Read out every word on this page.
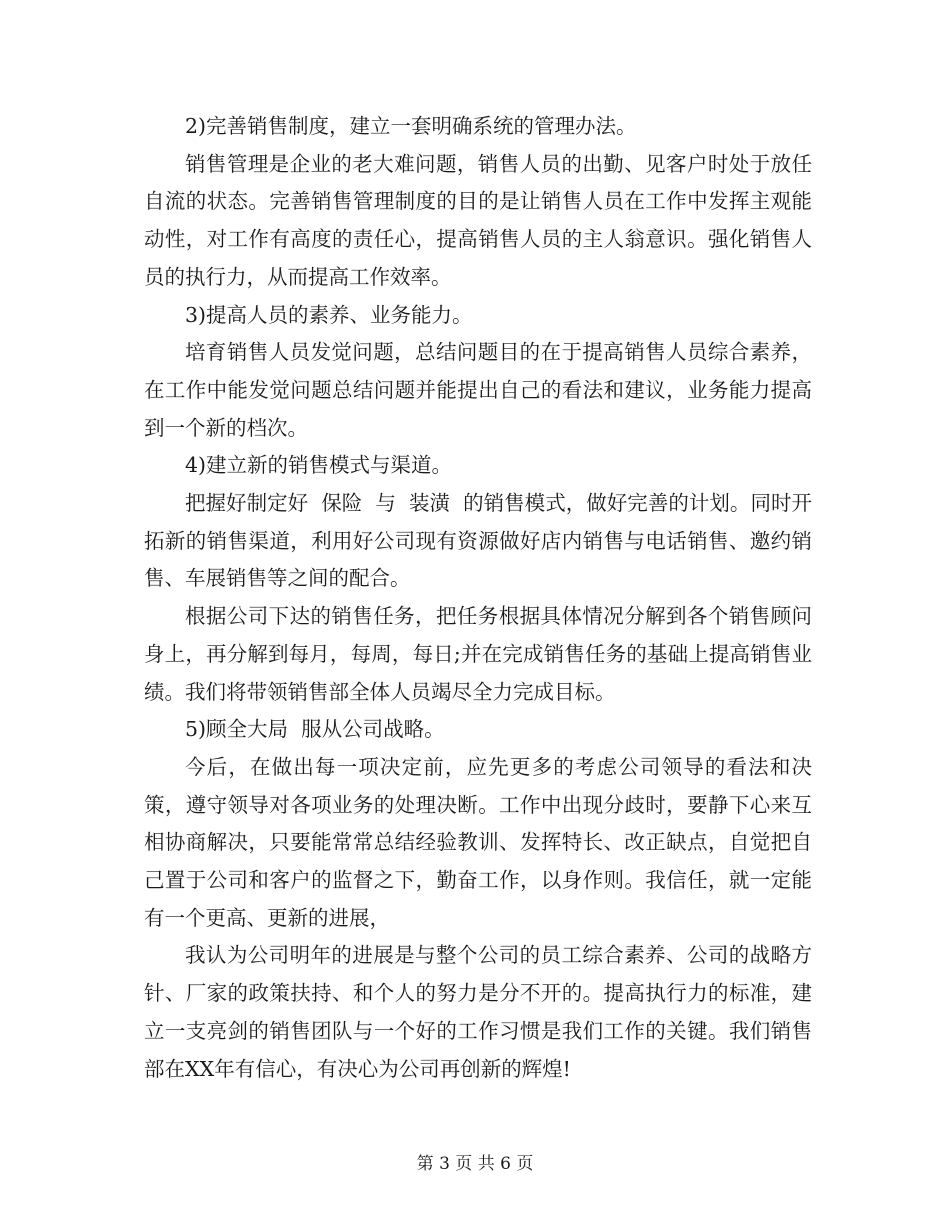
2)完善销售制度，建立一套明确系统的管理办法。

销售管理是企业的老大难问题，销售人员的出勤、见客户时处于放任自流的状态。完善销售管理制度的目的是让销售人员在工作中发挥主观能动性，对工作有高度的责任心，提高销售人员的主人翁意识。强化销售人员的执行力，从而提高工作效率。

3)提高人员的素养、业务能力。

培育销售人员发觉问题，总结问题目的在于提高销售人员综合素养，在工作中能发觉问题总结问题并能提出自己的看法和建议，业务能力提高到一个新的档次。

4)建立新的销售模式与渠道。

把握好制定好  保险  与  装潢  的销售模式，做好完善的计划。同时开拓新的销售渠道，利用好公司现有资源做好店内销售与电话销售、邀约销售、车展销售等之间的配合。

根据公司下达的销售任务，把任务根据具体情况分解到各个销售顾问身上，再分解到每月，每周，每日;并在完成销售任务的基础上提高销售业绩。我们将带领销售部全体人员竭尽全力完成目标。

5)顾全大局  服从公司战略。

今后，在做出每一项决定前，应先更多的考虑公司领导的看法和决策，遵守领导对各项业务的处理决断。工作中出现分歧时，要静下心来互相协商解决，只要能常常总结经验教训、发挥特长、改正缺点，自觉把自己置于公司和客户的监督之下，勤奋工作，以身作则。我信任，就一定能有一个更高、更新的进展，

我认为公司明年的进展是与整个公司的员工综合素养、公司的战略方针、厂家的政策扶持、和个人的努力是分不开的。提高执行力的标准，建立一支亮剑的销售团队与一个好的工作习惯是我们工作的关键。我们销售部在XX年有信心，有决心为公司再创新的辉煌!

第 3 页 共 6 页
